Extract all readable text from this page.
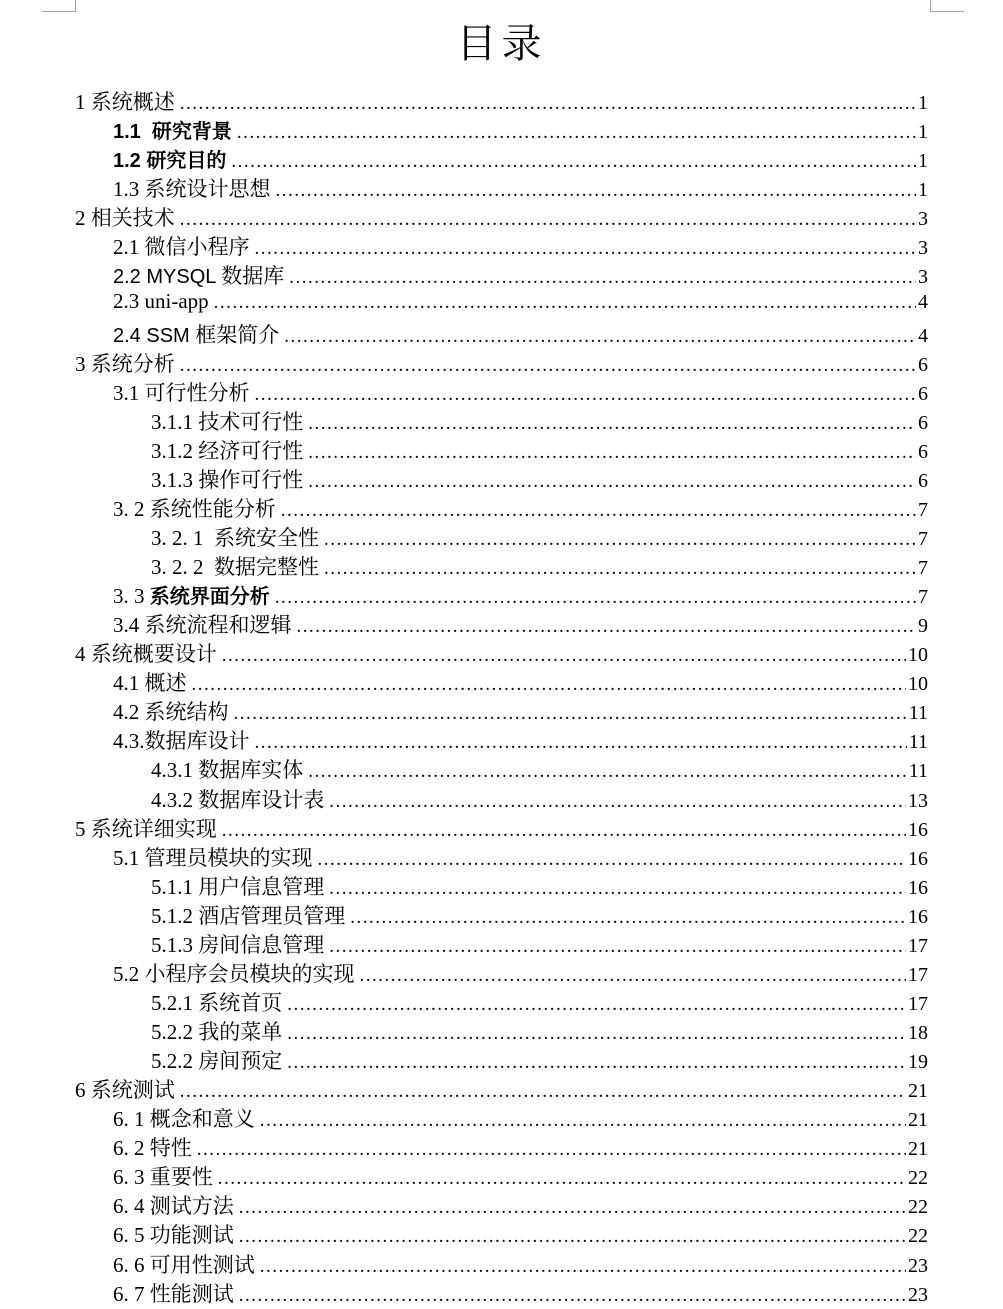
目录
1 系统概述 .....	1
1.1  研究背景 .....	1
1.2 研究目的 .....	1
1.3 系统设计思想 .....	1
2 相关技术 .....	3
2.1 微信小程序 .....	3
2.2 MYSQL 数据库 .....	3
2.3 uni-app .....	4
2.4 SSM 框架简介 .....	4
3 系统分析 .....	6
3.1 可行性分析 .....	6
3.1.1 技术可行性 .....	6
3.1.2 经济可行性 .....	6
3.1.3 操作可行性 .....	6
3. 2 系统性能分析 .....	7
3. 2. 1  系统安全性 .....	7
3. 2. 2  数据完整性 .....	7
3. 3 系统界面分析 .....	7
3.4 系统流程和逻辑 .....	9
4 系统概要设计 .....	10
4.1 概述 .....	10
4.2 系统结构 .....	11
4.3.数据库设计 .....	11
4.3.1 数据库实体 .....	11
4.3.2 数据库设计表 .....	13
5 系统详细实现 .....	16
5.1 管理员模块的实现 .....	16
5.1.1 用户信息管理 .....	16
5.1.2 酒店管理员管理 .....	16
5.1.3 房间信息管理 .....	17
5.2 小程序会员模块的实现 .....	17
5.2.1 系统首页 .....	17
5.2.2 我的菜单 .....	18
5.2.2 房间预定 .....	19
6 系统测试 .....	21
6. 1 概念和意义 .....	21
6. 2 特性 .....	21
6. 3 重要性 .....	22
6. 4 测试方法 .....	22
6. 5 功能测试 .....	22
6. 6 可用性测试 .....	23
6. 7 性能测试 .....	23
